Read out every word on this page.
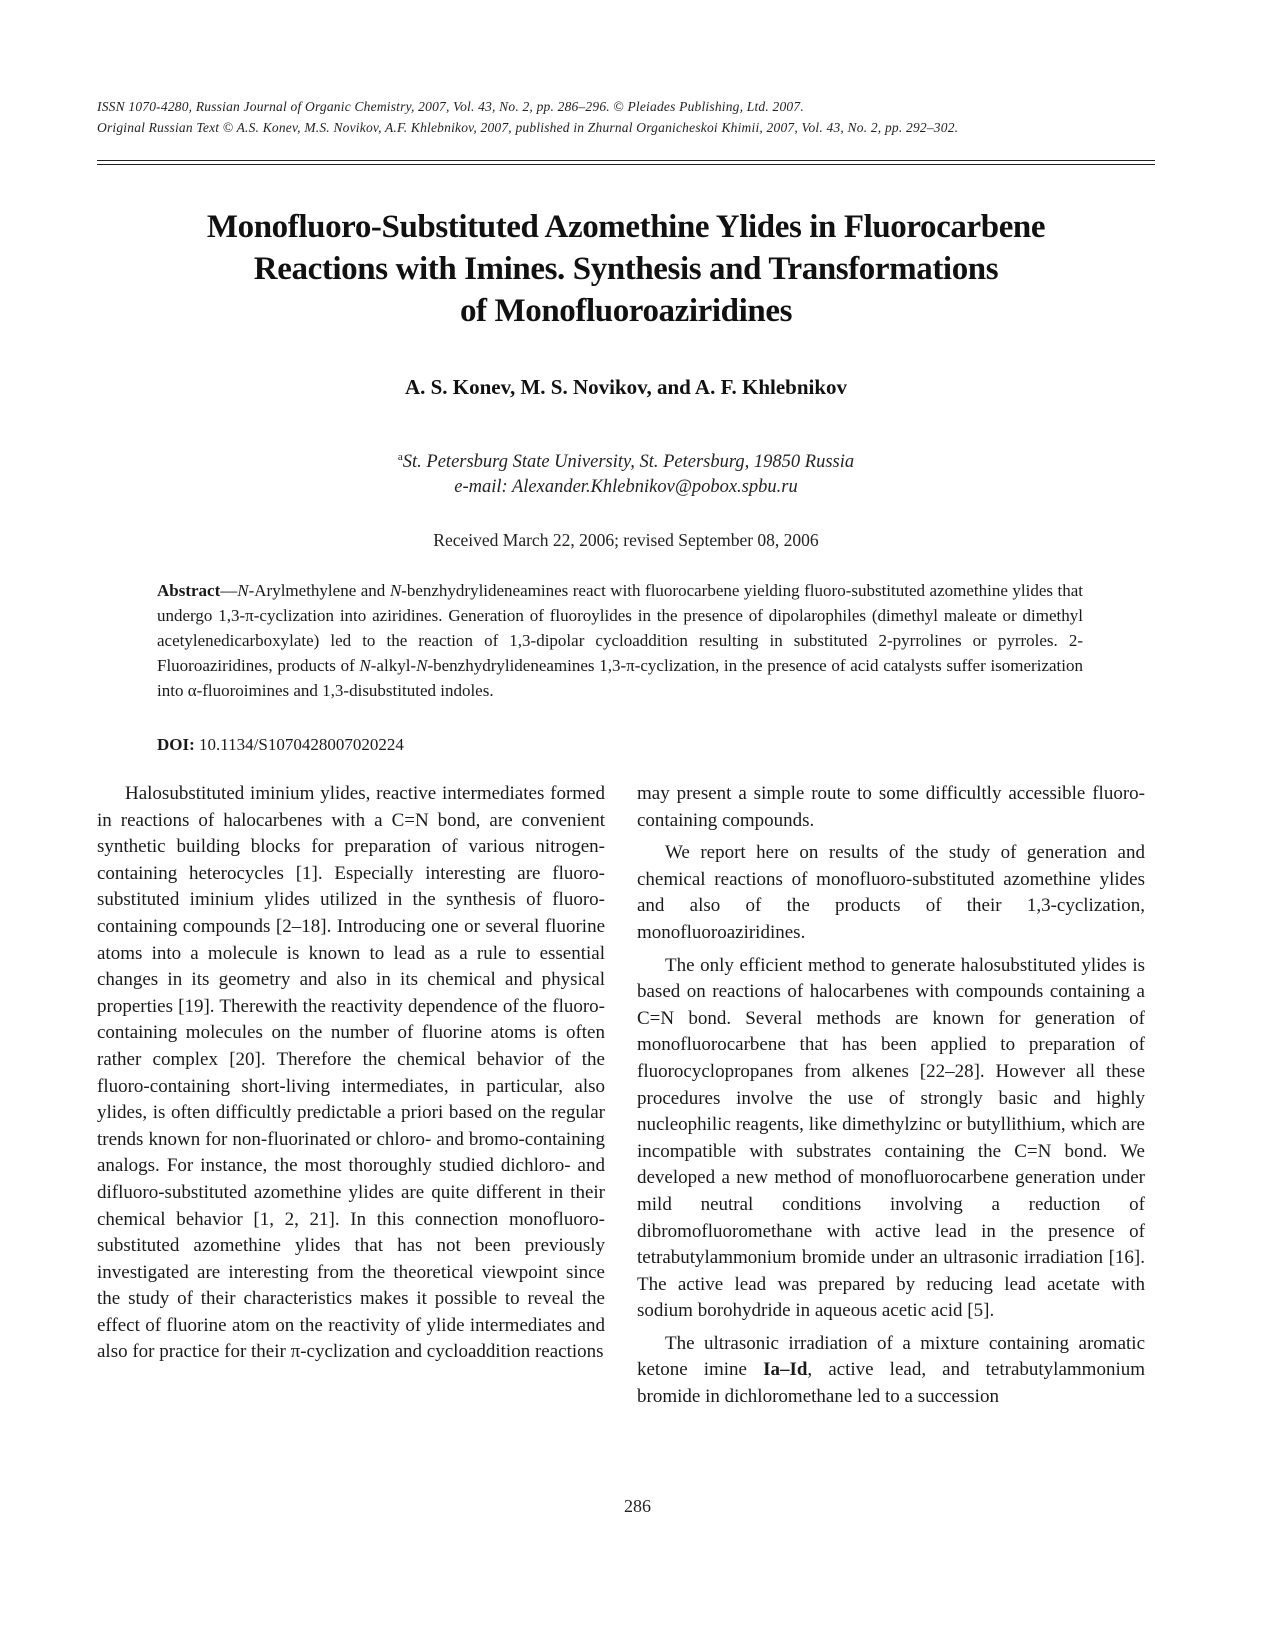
ISSN 1070-4280, Russian Journal of Organic Chemistry, 2007, Vol. 43, No. 2, pp. 286–296. © Pleiades Publishing, Ltd. 2007.

Original Russian Text © A.S. Konev, M.S. Novikov, A.F. Khlebnikov, 2007, published in Zhurnal Organicheskoi Khimii, 2007, Vol. 43, No. 2, pp. 292–302.

Monofluoro-Substituted Azomethine Ylides in Fluorocarbene
Reactions with Imines. Synthesis and Transformations
of Monofluoroaziridines
A. S. Konev, M. S. Novikov, and A. F. Khlebnikov
$^a$St. Petersburg State University, St. Petersburg, 19850 Russia
e-mail: Alexander.Khlebnikov@pobox.spbu.ru
Received March 22, 2006; revised September 08, 2006

Abstract—N-Arylmethylene and N-benzhydrylideneamines react with fluorocarbene yielding fluoro-substituted azomethine ylides that undergo 1,3-π-cyclization into aziridines. Generation of fluoroylides in the presence of dipolarophiles (dimethyl maleate or dimethyl acetylenedicarboxylate) led to the reaction of 1,3-dipolar cycloaddition resulting in substituted 2-pyrrolines or pyrroles. 2-Fluoroaziridines, products of N-alkyl-N-benzhydrylideneamines 1,3-π-cyclization, in the presence of acid catalysts suffer isomerization into α-fluoroimines and 1,3-disubstituted indoles.

DOI: 10.1134/S1070428007020224

Halosubstituted iminium ylides, reactive intermediates formed in reactions of halocarbenes with a C=N bond, are convenient synthetic building blocks for preparation of various nitrogen-containing heterocycles [1]. Especially interesting are fluoro-substituted iminium ylides utilized in the synthesis of fluoro-containing compounds [2–18]. Introducing one or several fluorine atoms into a molecule is known to lead as a rule to essential changes in its geometry and also in its chemical and physical properties [19]. Therewith the reactivity dependence of the fluoro-containing molecules on the number of fluorine atoms is often rather complex [20]. Therefore the chemical behavior of the fluoro-containing short-living intermediates, in particular, also ylides, is often difficultly predictable a priori based on the regular trends known for non-fluorinated or chloro- and bromo-containing analogs. For instance, the most thoroughly studied dichloro- and difluoro-substituted azomethine ylides are quite different in their chemical behavior [1, 2, 21]. In this connection monofluoro-substituted azomethine ylides that has not been previously investigated are interesting from the theoretical viewpoint since the study of their characteristics makes it possible to reveal the effect of fluorine atom on the reactivity of ylide intermediates and also for practice for their π-cyclization and cycloaddition reactions

may present a simple route to some difficultly accessible fluoro-containing compounds.

We report here on results of the study of generation and chemical reactions of monofluoro-substituted azomethine ylides and also of the products of their 1,3-cyclization, monofluoroaziridines.

The only efficient method to generate halosubstituted ylides is based on reactions of halocarbenes with compounds containing a C=N bond. Several methods are known for generation of monofluorocarbene that has been applied to preparation of fluorocyclopropanes from alkenes [22–28]. However all these procedures involve the use of strongly basic and highly nucleophilic reagents, like dimethylzinc or butyllithium, which are incompatible with substrates containing the C=N bond. We developed a new method of monofluorocarbene generation under mild neutral conditions involving a reduction of dibromofluoromethane with active lead in the presence of tetrabutylammonium bromide under an ultrasonic irradiation [16]. The active lead was prepared by reducing lead acetate with sodium borohydride in aqueous acetic acid [5].

The ultrasonic irradiation of a mixture containing aromatic ketone imine Ia–Id, active lead, and tetrabutylammonium bromide in dichloromethane led to a succession

286
